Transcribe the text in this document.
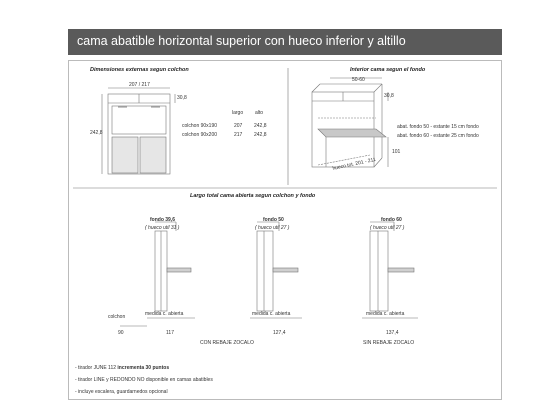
cama abatible horizontal superior con hueco inferior y altillo
Dimensiones externas segun colchon
207 / 217
30,8
242,8
largo alto
colchon 90x190	207 242,8
colchon 90x200	217 242,8
Interior cama segun el fondo
50-60
30,8
101
hueco tot. 201 - 211
abat. fondo 50 - estante 15 cm fondo
abat. fondo 60 - estante 25 cm fondo
Largo total cama abierta segun colchon y fondo
fondo 39,6
( hueco util 31 )
fondo 50
( hueco util 27 )
fondo 60
( hueco util 27 )
colchon
90
medida c. abierta	medida c. abierta	medida c. abierta
117	127,4	137,4
CON REBAJE ZOCALO	SIN REBAJE ZOCALO
- tirador JUNE 112 incrementa 30 puntos
- tirador LINE y REDONDO NO disponible en camas abatibles
- incluye escalera, guardarnedos opcional
